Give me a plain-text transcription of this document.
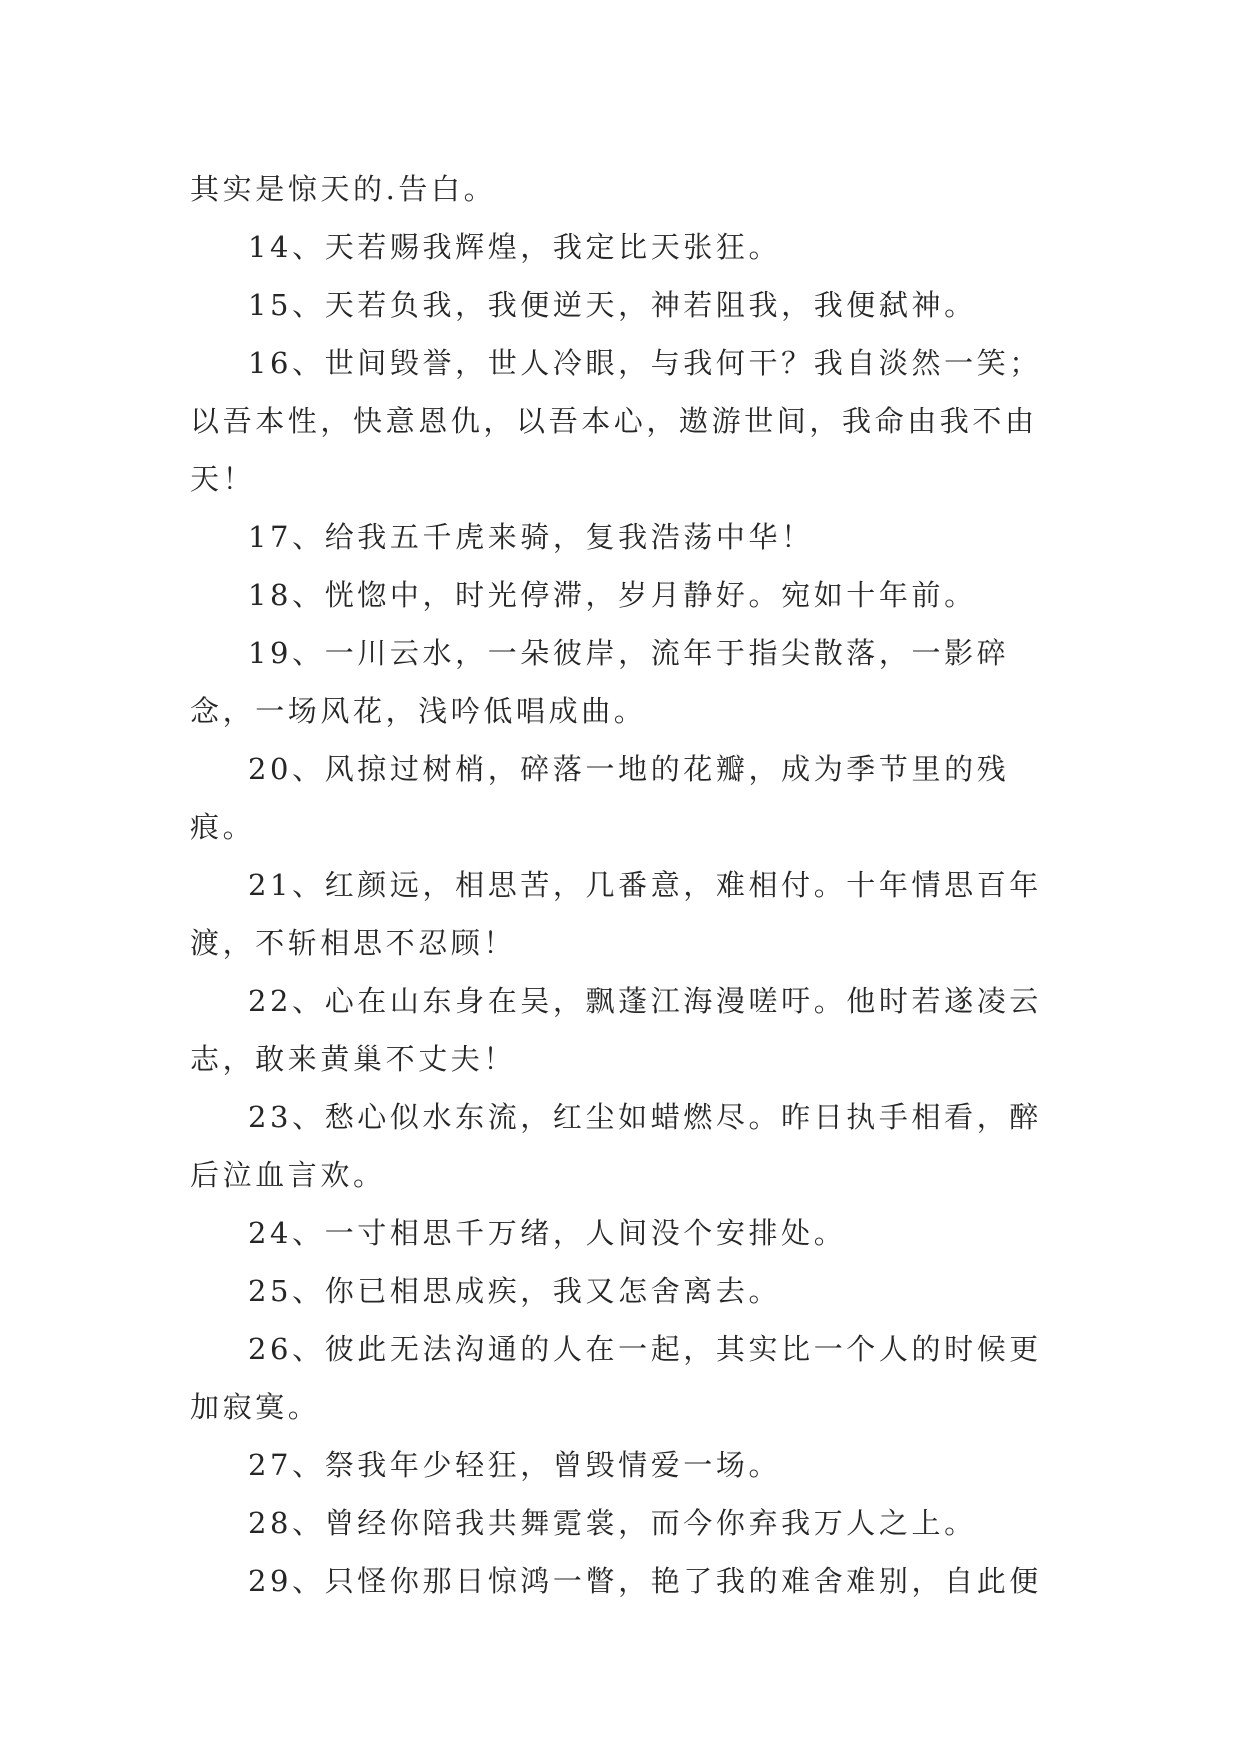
其实是惊天的.告白。

14、天若赐我辉煌，我定比天张狂。

15、天若负我，我便逆天，神若阻我，我便弑神。

16、世间毁誉，世人冷眼，与我何干？我自淡然一笑；以吾本性，快意恩仇，以吾本心，遨游世间，我命由我不由天！

17、给我五千虎来骑，复我浩荡中华！

18、恍惚中，时光停滞，岁月静好。宛如十年前。

19、一川云水，一朵彼岸，流年于指尖散落，一影碎念，一场风花，浅吟低唱成曲。

20、风掠过树梢，碎落一地的花瓣，成为季节里的残痕。

21、红颜远，相思苦，几番意，难相付。十年情思百年渡，不斩相思不忍顾！

22、心在山东身在吴，飘蓬江海漫嗟吁。他时若遂凌云志，敢来黄巢不丈夫！

23、愁心似水东流，红尘如蜡燃尽。昨日执手相看，醉后泣血言欢。

24、一寸相思千万绪，人间没个安排处。

25、你已相思成疾，我又怎舍离去。

26、彼此无法沟通的人在一起，其实比一个人的时候更加寂寞。

27、祭我年少轻狂，曾毁情爱一场。

28、曾经你陪我共舞霓裳，而今你弃我万人之上。

29、只怪你那日惊鸿一瞥，艳了我的难舍难别，自此便
